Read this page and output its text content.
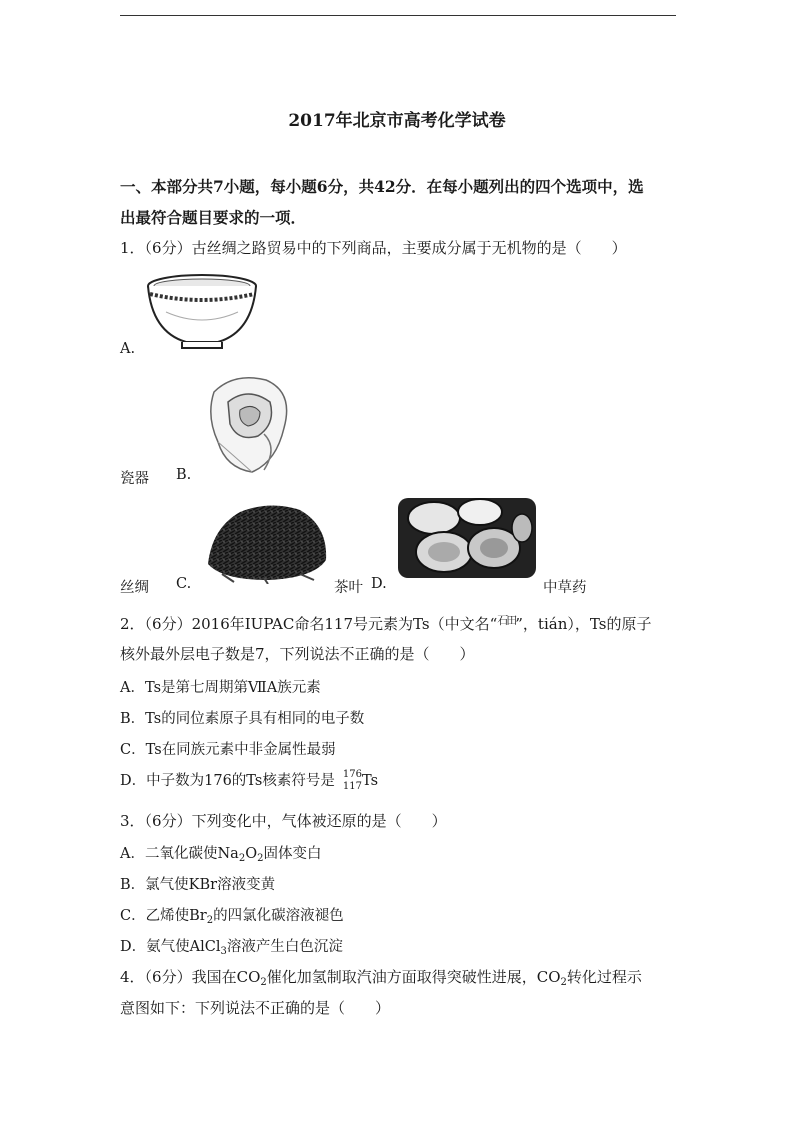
2017年北京市高考化学试卷
一、本部分共7小题，每小题6分，共42分．在每小题列出的四个选项中，选
出最符合题目要求的一项．
1．（6分）古丝绸之路贸易中的下列商品，主要成分属于无机物的是（　　）
A.
瓷器 B.
丝绸 C.	茶叶 D.	中草药
2．（6分）2016年IUPAC命名117号元素为Ts（中文名“$^{石田}$”，tián），Ts的原子
核外最外层电子数是7，下列说法不正确的是（　　）
A．Ts是第七周期第ⅦA族元素
B．Ts的同位素原子具有相同的电子数
C．Ts在同族元素中非金属性最弱
D．中子数为176的Ts核素符号是 176
117Ts
3．（6分）下列变化中，气体被还原的是（　　）
A．二氧化碳使$Na_2O_2$固体变白
B．氯气使KBr溶液变黄
C．乙烯使$Br_2$的四氯化碳溶液褪色
D．氨气使AlCl$_3$溶液产生白色沉淀
4．（6分）我国在$CO_2$催化加氢制取汽油方面取得突破性进展，$CO_2$转化过程示
意图如下：下列说法不正确的是（　　）
